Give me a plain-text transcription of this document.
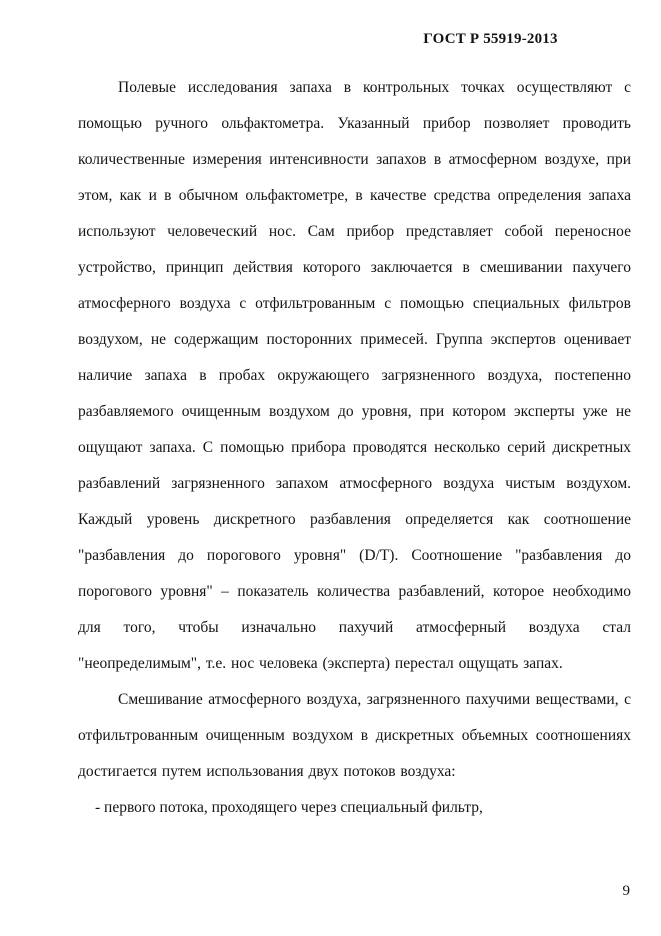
ГОСТ Р 55919-2013

Полевые исследования запаха в контрольных точках осуществляют с помощью ручного ольфактометра. Указанный прибор позволяет проводить количественные измерения интенсивности запахов в атмосферном воздухе, при этом, как и в обычном ольфактометре, в качестве средства определения запаха используют человеческий нос. Сам прибор представляет собой переносное устройство, принцип действия которого заключается в смешивании пахучего атмосферного воздуха с отфильтрованным с помощью специальных фильтров воздухом, не содержащим посторонних примесей. Группа экспертов оценивает наличие запаха в пробах окружающего загрязненного воздуха, постепенно разбавляемого очищенным воздухом до уровня, при котором эксперты уже не ощущают запаха. С помощью прибора проводятся несколько серий дискретных разбавлений загрязненного запахом атмосферного воздуха чистым воздухом. Каждый уровень дискретного разбавления определяется как соотношение "разбавления до порогового уровня" (D/T). Соотношение "разбавления до порогового уровня" – показатель количества разбавлений, которое необходимо для того, чтобы изначально пахучий атмосферный воздуха стал "неопределимым", т.е. нос человека (эксперта) перестал ощущать запах.

Смешивание атмосферного воздуха, загрязненного пахучими веществами, с отфильтрованным очищенным воздухом в дискретных объемных соотношениях достигается путем использования двух потоков воздуха:

- первого потока, проходящего через специальный фильтр,

9
